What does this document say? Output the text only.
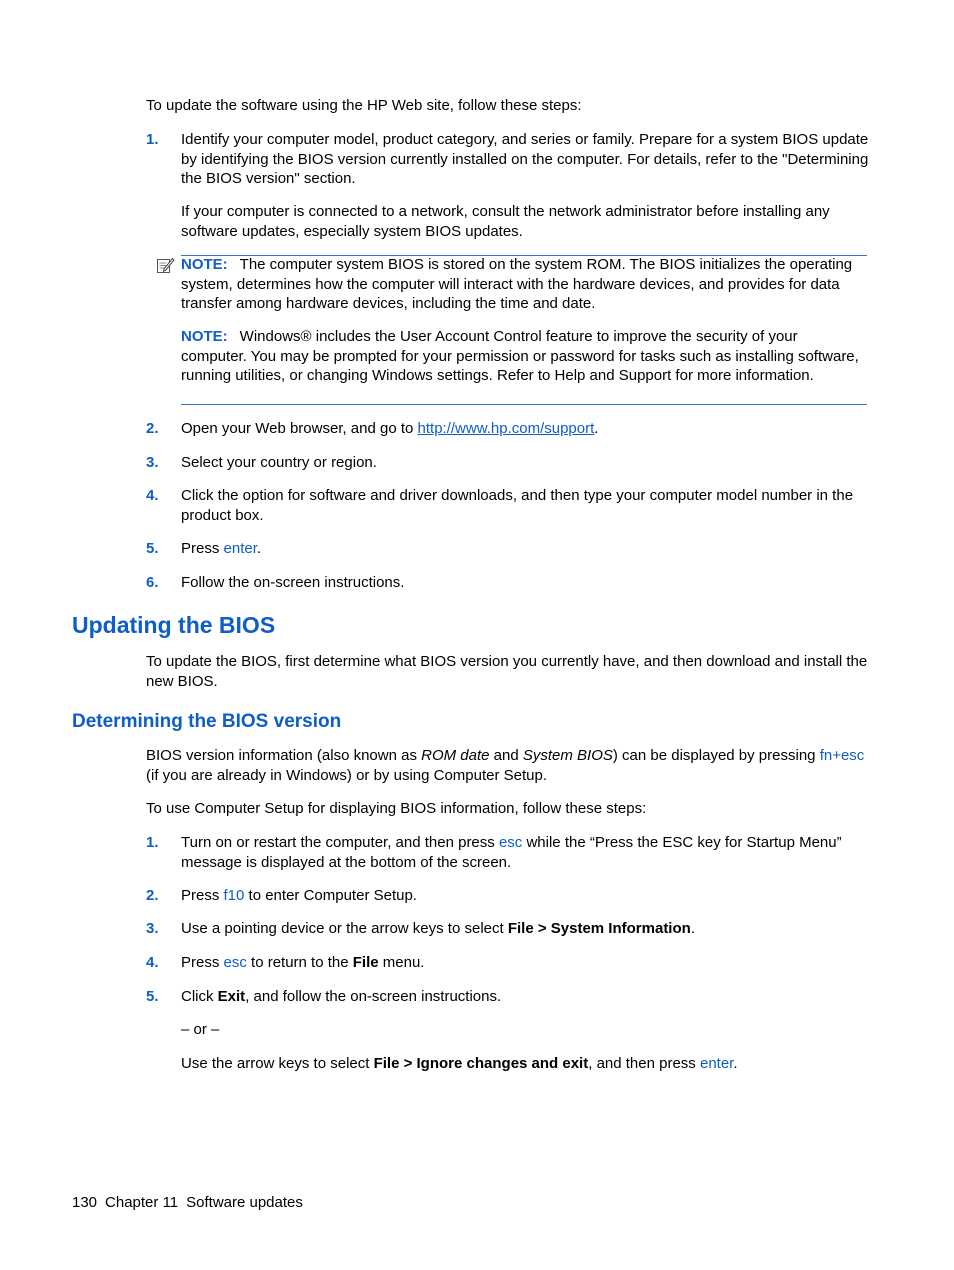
To update the software using the HP Web site, follow these steps:

1. Identify your computer model, product category, and series or family. Prepare for a system BIOS update by identifying the BIOS version currently installed on the computer. For details, refer to the "Determining the BIOS version" section.

If your computer is connected to a network, consult the network administrator before installing any software updates, especially system BIOS updates.

NOTE: The computer system BIOS is stored on the system ROM. The BIOS initializes the operating system, determines how the computer will interact with the hardware devices, and provides for data transfer among hardware devices, including the time and date.

NOTE: Windows® includes the User Account Control feature to improve the security of your computer. You may be prompted for your permission or password for tasks such as installing software, running utilities, or changing Windows settings. Refer to Help and Support for more information.

2. Open your Web browser, and go to http://www.hp.com/support.

3. Select your country or region.

4. Click the option for software and driver downloads, and then type your computer model number in the product box.

5. Press enter.

6. Follow the on-screen instructions.

Updating the BIOS

To update the BIOS, first determine what BIOS version you currently have, and then download and install the new BIOS.

Determining the BIOS version

BIOS version information (also known as ROM date and System BIOS) can be displayed by pressing fn+esc (if you are already in Windows) or by using Computer Setup.

To use Computer Setup for displaying BIOS information, follow these steps:

1. Turn on or restart the computer, and then press esc while the “Press the ESC key for Startup Menu” message is displayed at the bottom of the screen.

2. Press f10 to enter Computer Setup.

3. Use a pointing device or the arrow keys to select File > System Information.

4. Press esc to return to the File menu.

5. Click Exit, and follow the on-screen instructions.

– or –

Use the arrow keys to select File > Ignore changes and exit, and then press enter.

130 Chapter 11 Software updates
